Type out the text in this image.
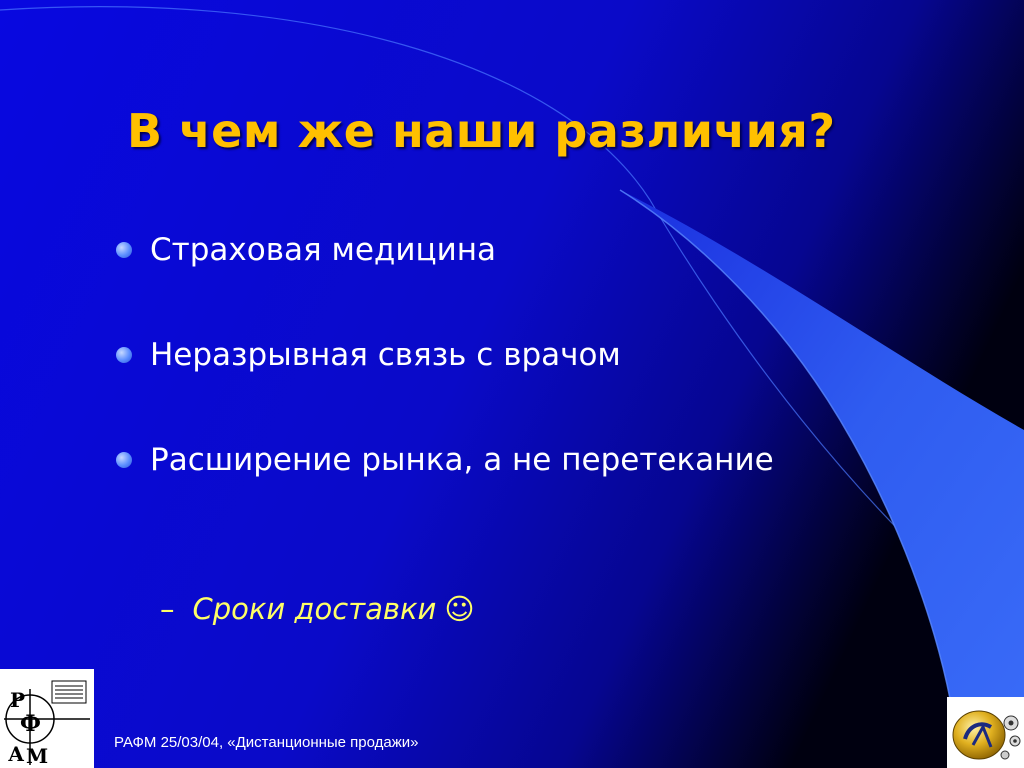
В чем же наши различия?
Страховая медицина
Неразрывная связь с врачом
Расширение рынка, а не перетекание
– Сроки доставки ☺
РАФМ 25/03/04, «Дистанционные продажи»
Р
Ф
А М
